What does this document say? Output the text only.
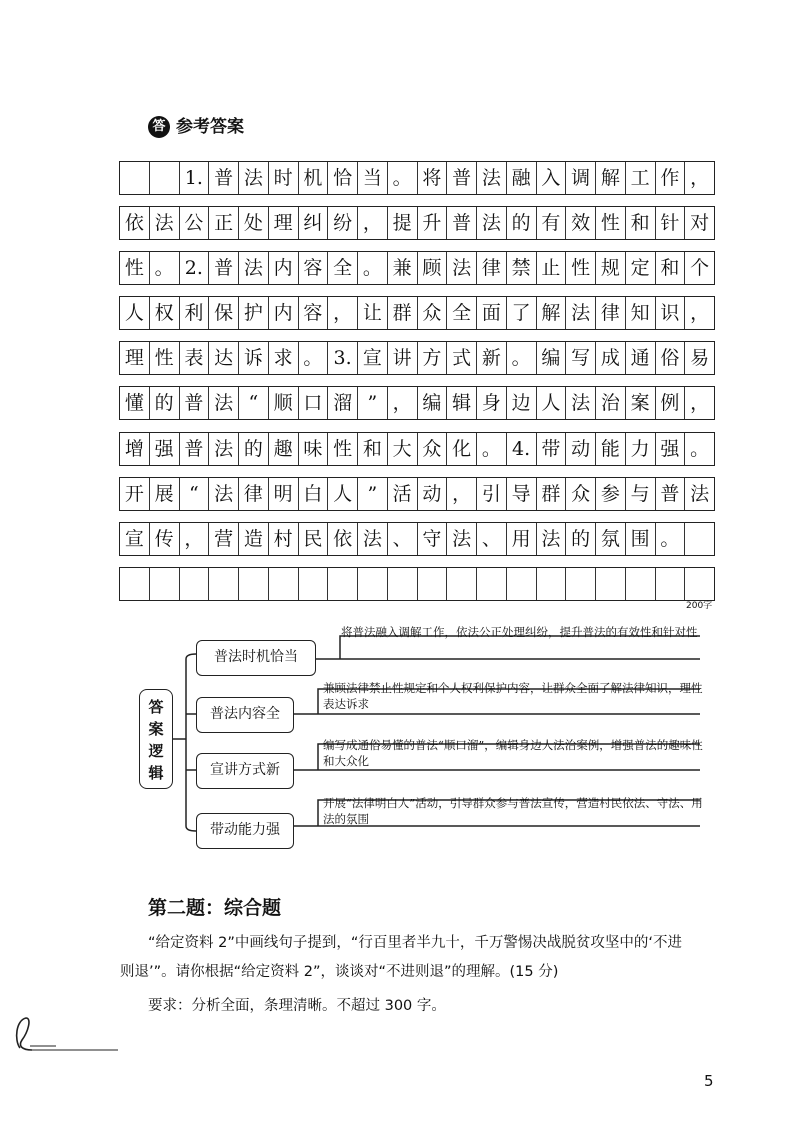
答 参考答案
1. 普 法 时 机 恰 当 。 将 普 法 融 入 调 解 工 作 ，
依 法 公 正 处 理 纠 纷 ， 提 升 普 法 的 有 效 性 和 针 对
性 。 2. 普 法 内 容 全 。 兼 顾 法 律 禁 止 性 规 定 和 个
人 权 利 保 护 内 容 ， 让 群 众 全 面 了 解 法 律 知 识 ，
理 性 表 达 诉 求 。 3. 宣 讲 方 式 新 。 编 写 成 通 俗 易
懂 的 普 法 “ 顺 口 溜 ” ， 编 辑 身 边 人 法 治 案 例 ，
增 强 普 法 的 趣 味 性 和 大 众 化 。 4. 带 动 能 力 强 。
开 展 “ 法 律 明 白 人 ” 活 动 ， 引 导 群 众 参 与 普 法
宣 传 ， 营 造 村 民 依 法 、 守 法 、 用 法 的 氛 围 。
200字
答案逻辑
普法时机恰当
普法内容全
宣讲方式新
带动能力强
将普法融入调解工作，依法公正处理纠纷，提升普法的有效性和针对性
兼顾法律禁止性规定和个人权利保护内容，让群众全面了解法律知识，理性表达诉求
编写成通俗易懂的普法“顺口溜”，编辑身边人法治案例，增强普法的趣味性和大众化
开展“法律明白人”活动，引导群众参与普法宣传，营造村民依法、守法、用法的氛围
第二题：综合题
“给定资料 2”中画线句子提到，“行百里者半九十，千万警惕决战脱贫攻坚中的‘不进
则退’”。请你根据“给定资料 2”，谈谈对“不进则退”的理解。(15 分)
要求：分析全面，条理清晰。不超过 300 字。
5
